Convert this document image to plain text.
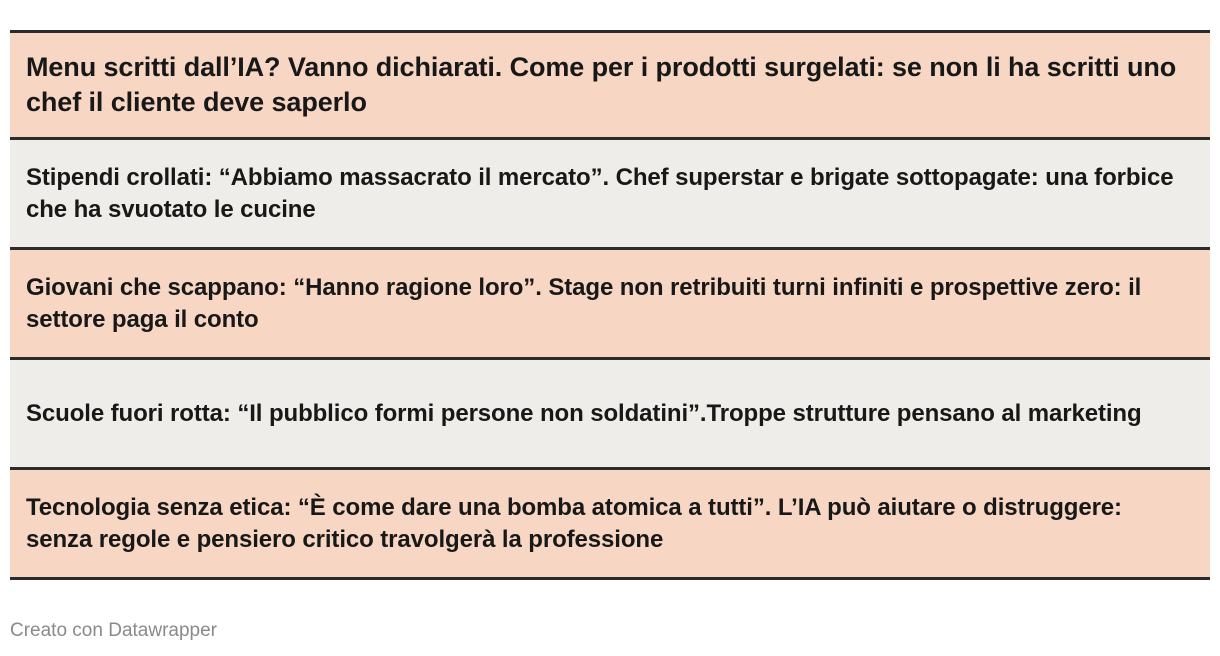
Menu scritti dall’IA? Vanno dichiarati. Come per i prodotti surgelati: se non li ha scritti uno chef il cliente deve saperlo
Stipendi crollati: “Abbiamo massacrato il mercato”. Chef superstar e brigate sottopagate: una forbice che ha svuotato le cucine
Giovani che scappano: “Hanno ragione loro”. Stage non retribuiti turni infiniti e prospettive zero: il settore paga il conto
Scuole fuori rotta: “Il pubblico formi persone non soldatini”.Troppe strutture pensano al marketing
Tecnologia senza etica: “È come dare una bomba atomica a tutti”. L’IA può aiutare o distruggere: senza regole e pensiero critico travolgerà la professione
Creato con Datawrapper
